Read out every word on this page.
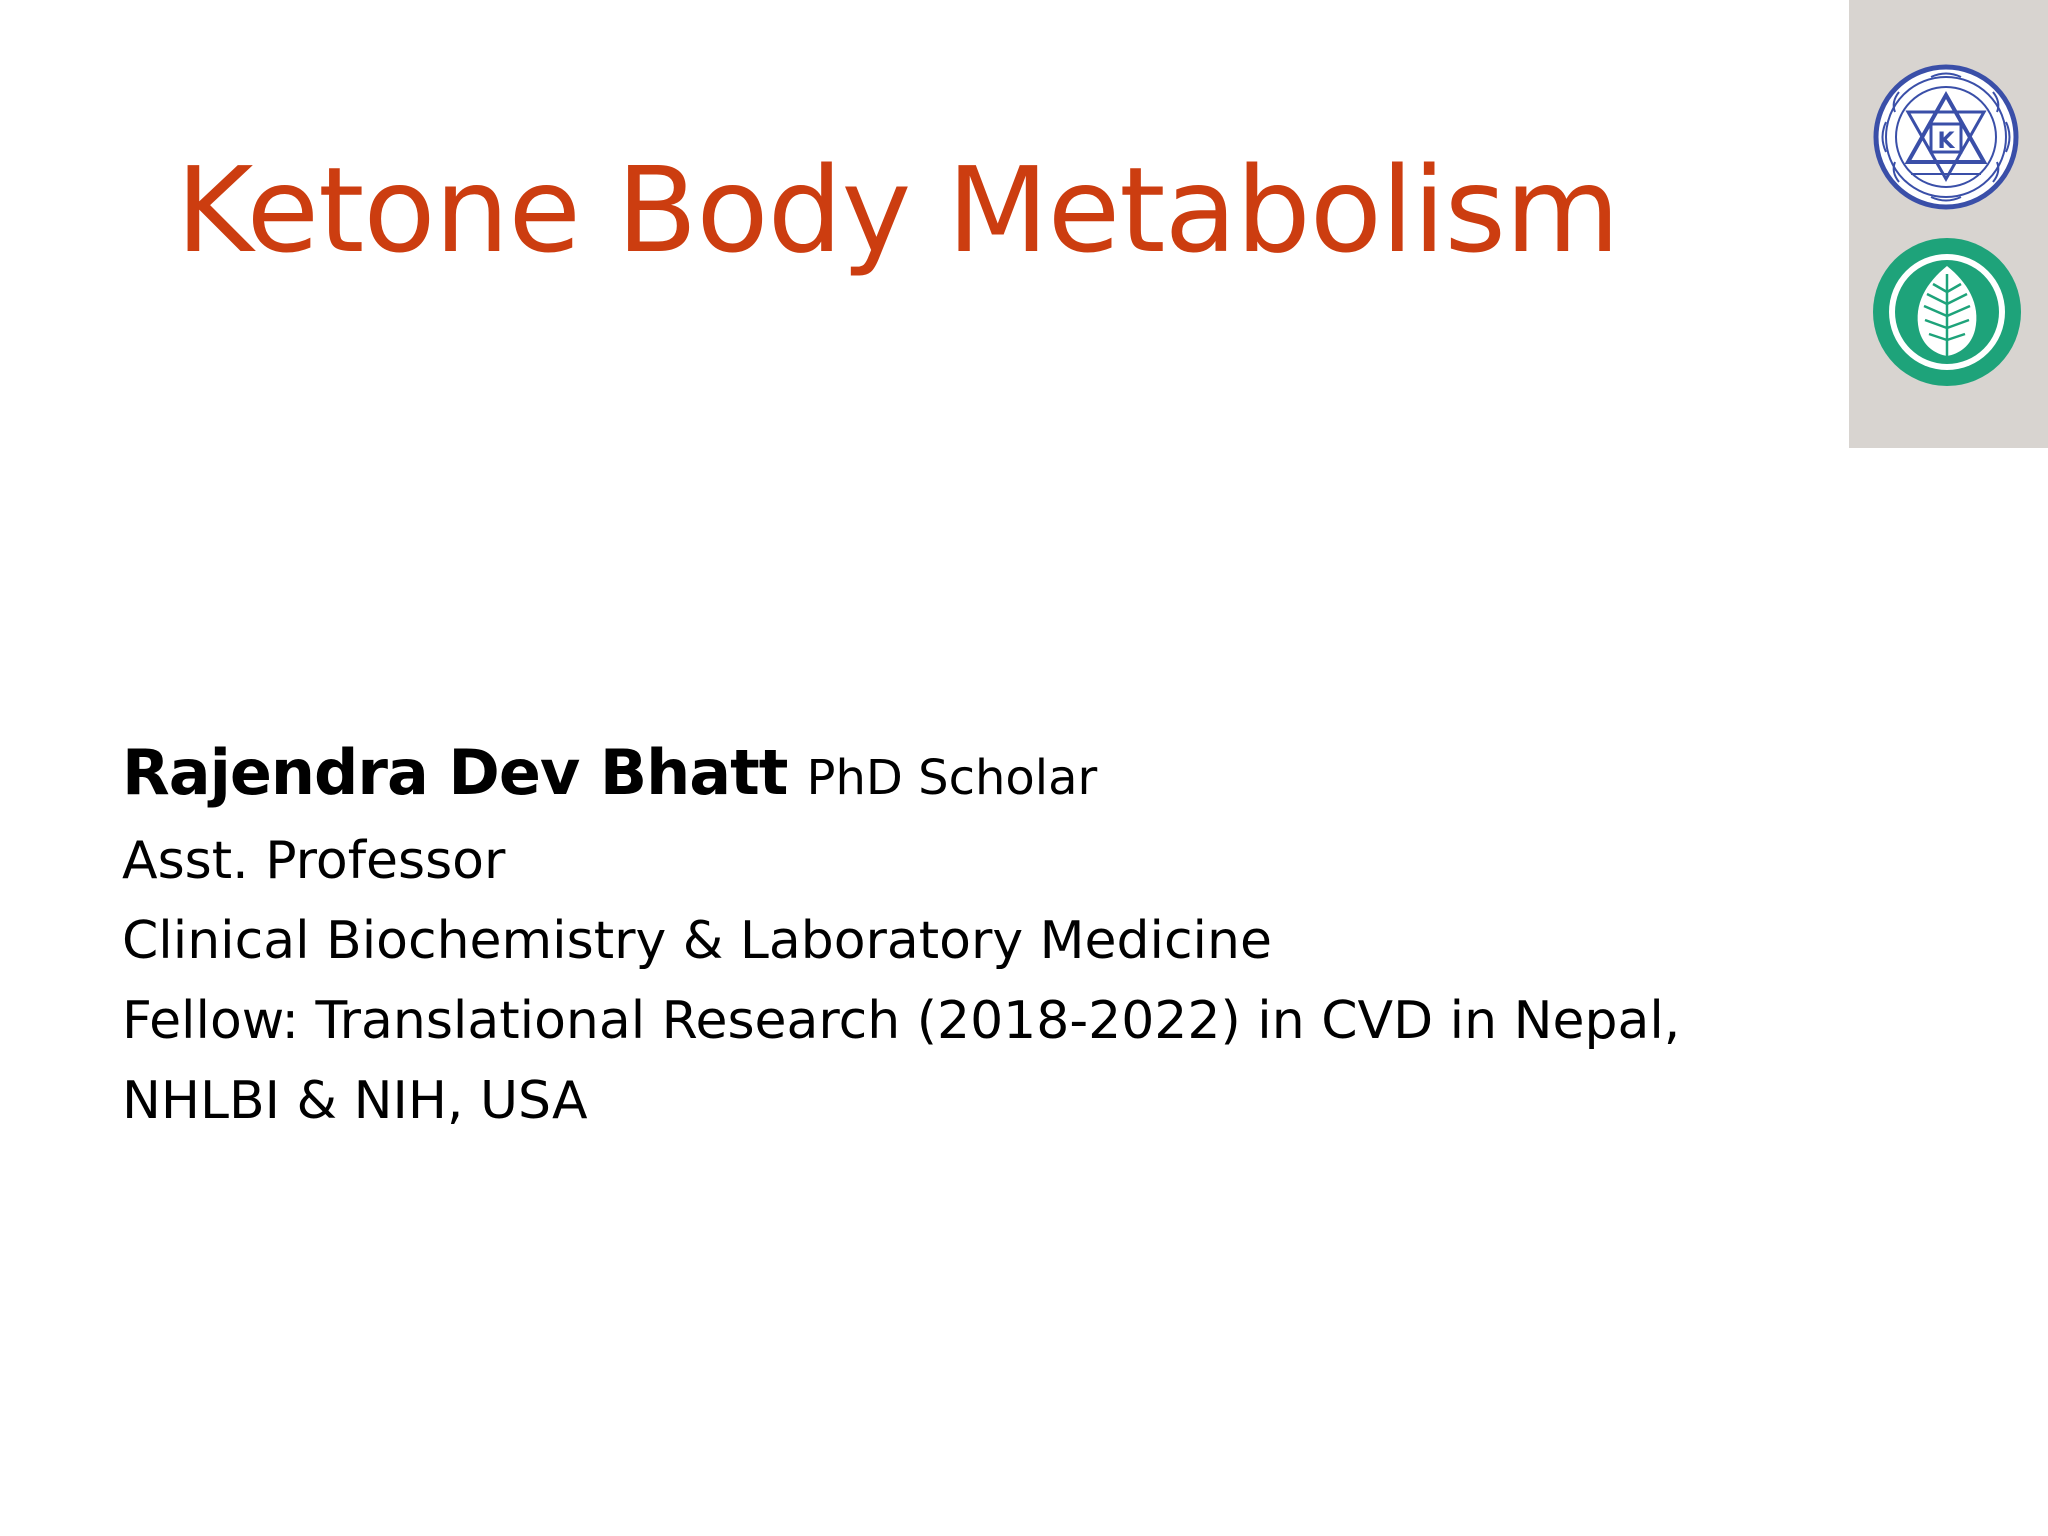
Ketone Body Metabolism	K
Rajendra Dev Bhatt PhD Scholar
Asst. Professor
Clinical Biochemistry & Laboratory Medicine
Fellow: Translational Research (2018-2022) in CVD in Nepal,
NHLBI & NIH, USA
